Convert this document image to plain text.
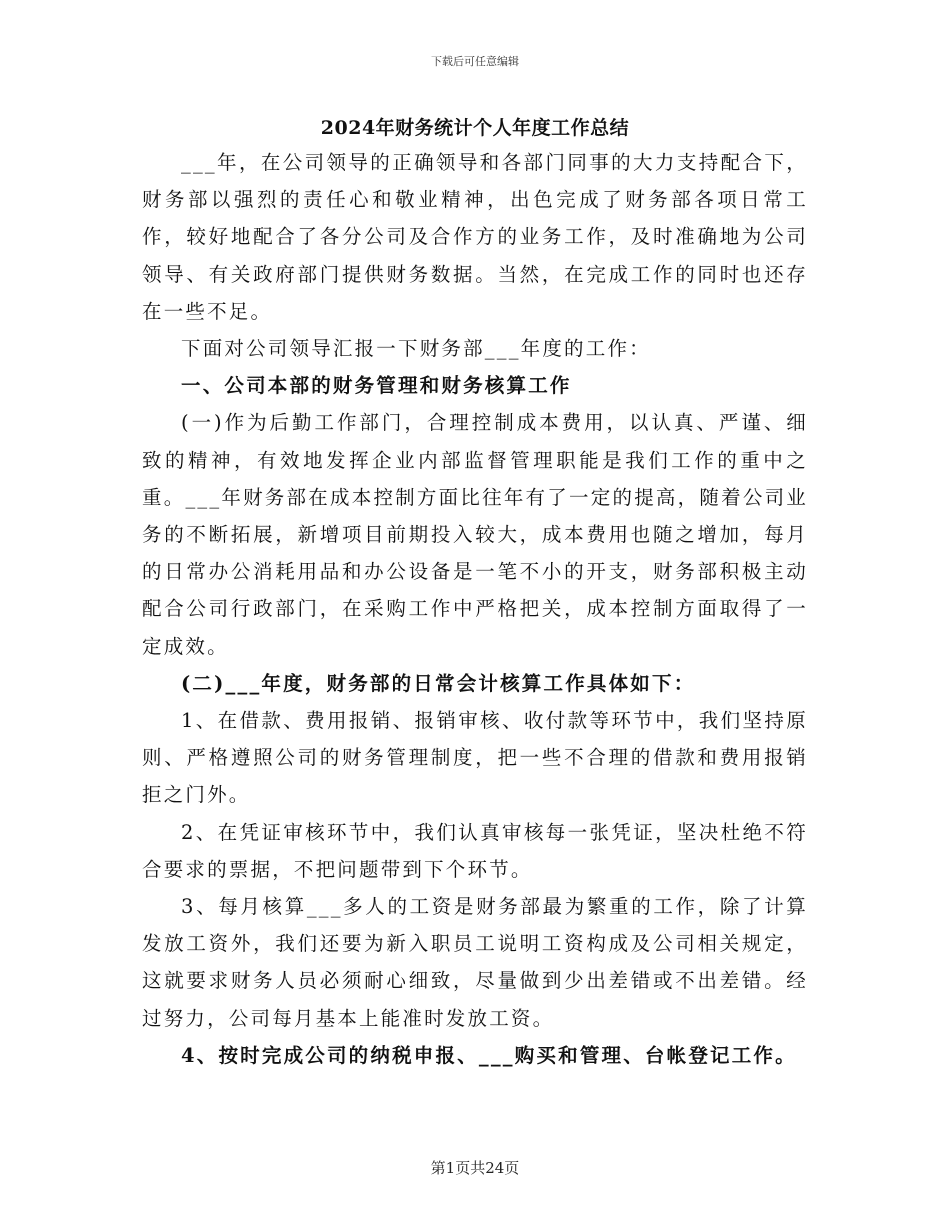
下载后可任意编辑
2024年财务统计个人年度工作总结

___年，在公司领导的正确领导和各部门同事的大力支持配合下，财务部以强烈的责任心和敬业精神，出色完成了财务部各项日常工作，较好地配合了各分公司及合作方的业务工作，及时准确地为公司领导、有关政府部门提供财务数据。当然，在完成工作的同时也还存在一些不足。

下面对公司领导汇报一下财务部___年度的工作：

一、公司本部的财务管理和财务核算工作

(一)作为后勤工作部门，合理控制成本费用，以认真、严谨、细致的精神，有效地发挥企业内部监督管理职能是我们工作的重中之重。___年财务部在成本控制方面比往年有了一定的提高，随着公司业务的不断拓展，新增项目前期投入较大，成本费用也随之增加，每月的日常办公消耗用品和办公设备是一笔不小的开支，财务部积极主动配合公司行政部门，在采购工作中严格把关，成本控制方面取得了一定成效。

(二)___年度，财务部的日常会计核算工作具体如下：

1、在借款、费用报销、报销审核、收付款等环节中，我们坚持原则、严格遵照公司的财务管理制度，把一些不合理的借款和费用报销拒之门外。

2、在凭证审核环节中，我们认真审核每一张凭证，坚决杜绝不符合要求的票据，不把问题带到下个环节。

3、每月核算___多人的工资是财务部最为繁重的工作，除了计算发放工资外，我们还要为新入职员工说明工资构成及公司相关规定，这就要求财务人员必须耐心细致，尽量做到少出差错或不出差错。经过努力，公司每月基本上能准时发放工资。

4、按时完成公司的纳税申报、___购买和管理、台帐登记工作。

第1页共24页
